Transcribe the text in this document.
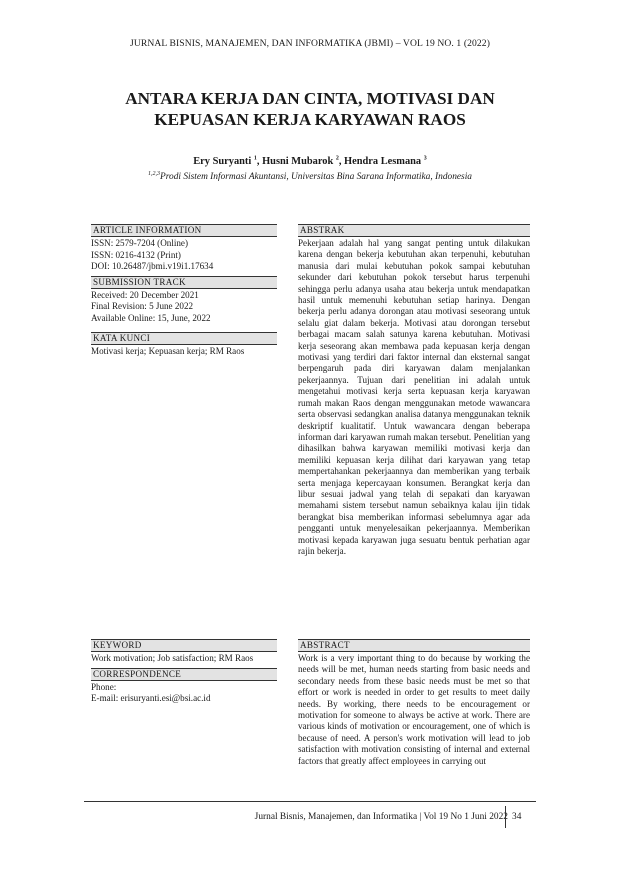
JURNAL BISNIS, MANAJEMEN, DAN INFORMATIKA (JBMI) – VOL 19 NO. 1 (2022)
ANTARA KERJA DAN CINTA, MOTIVASI DAN
KEPUASAN KERJA KARYAWAN RAOS
Ery Suryanti $^1$, Husni Mubarok $^2$, Hendra Lesmana $^3$
$^{1,2,3}$Prodi Sistem Informasi Akuntansi, Universitas Bina Sarana Informatika, Indonesia
ARTICLE INFORMATION
ISSN: 2579-7204 (Online)
ISSN: 0216-4132 (Print)
DOI: 10.26487/jbmi.v19i1.17634
SUBMISSION TRACK
Received: 20 December 2021
Final Revision: 5 June 2022
Available Online: 15, June, 2022
KATA KUNCI
Motivasi kerja; Kepuasan kerja; RM Raos
ABSTRAK
Pekerjaan adalah hal yang sangat penting untuk dilakukan karena dengan bekerja kebutuhan akan terpenuhi, kebutuhan manusia dari mulai kebutuhan pokok sampai kebutuhan sekunder dari kebutuhan pokok tersebut harus terpenuhi sehingga perlu adanya usaha atau bekerja untuk mendapatkan hasil untuk memenuhi kebutuhan setiap harinya. Dengan bekerja perlu adanya dorongan atau motivasi seseorang untuk selalu giat dalam bekerja. Motivasi atau dorongan tersebut berbagai macam salah satunya karena kebutuhan. Motivasi kerja seseorang akan membawa pada kepuasan kerja dengan motivasi yang terdiri dari faktor internal dan eksternal sangat berpengaruh pada diri karyawan dalam menjalankan pekerjaannya. Tujuan dari penelitian ini adalah untuk mengetahui motivasi kerja serta kepuasan kerja karyawan rumah makan Raos dengan menggunakan metode wawancara serta observasi sedangkan analisa datanya menggunakan teknik deskriptif kualitatif. Untuk wawancara dengan beberapa informan dari karyawan rumah makan tersebut. Penelitian yang dihasilkan bahwa karyawan memiliki motivasi kerja dan memiliki kepuasan kerja dilihat dari karyawan yang tetap mempertahankan pekerjaannya dan memberikan yang terbaik serta menjaga kepercayaan konsumen. Berangkat kerja dan libur sesuai jadwal yang telah di sepakati dan karyawan memahami sistem tersebut namun sebaiknya kalau ijin tidak berangkat bisa memberikan informasi sebelumnya agar ada pengganti untuk menyelesaikan pekerjaannya. Memberikan motivasi kepada karyawan juga sesuatu bentuk perhatian agar rajin bekerja.
KEYWORD
Work motivation; Job satisfaction; RM Raos
CORRESPONDENCE
Phone:
E-mail: erisuryanti.esi@bsi.ac.id
ABSTRACT
Work is a very important thing to do because by working the needs will be met, human needs starting from basic needs and secondary needs from these basic needs must be met so that effort or work is needed in order to get results to meet daily needs. By working, there needs to be encouragement or motivation for someone to always be active at work. There are various kinds of motivation or encouragement, one of which is because of need. A person's work motivation will lead to job satisfaction with motivation consisting of internal and external factors that greatly affect employees in carrying out
Jurnal Bisnis, Manajemen, dan Informatika | Vol 19 No 1 Juni 2022 34
